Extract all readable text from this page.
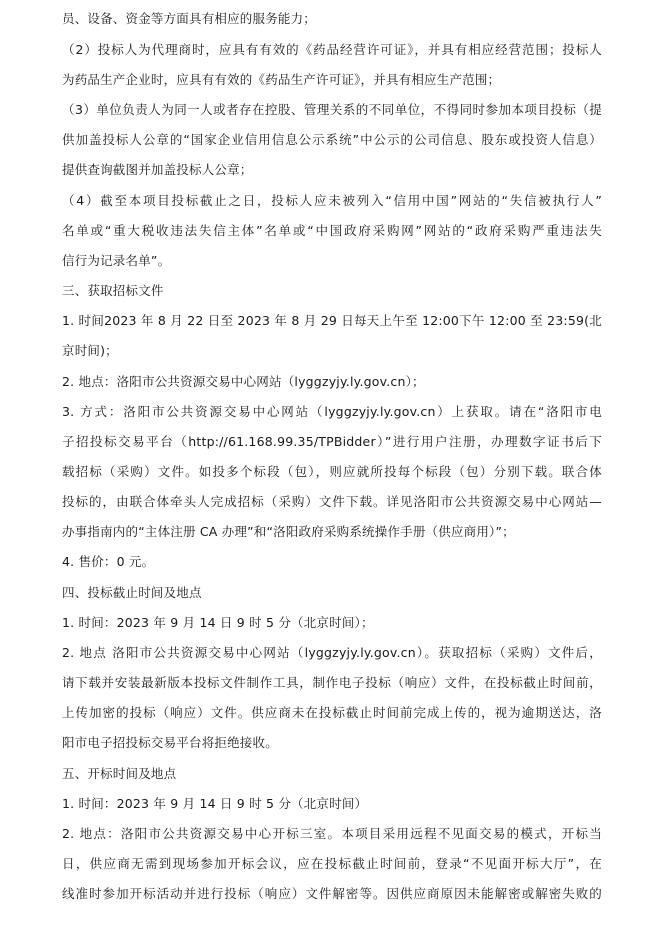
员、设备、资金等方面具有相应的服务能力；
（2）投标人为代理商时，应具有有效的《药品经营许可证》，并具有相应经营范围；投标人
为药品生产企业时，应具有有效的《药品生产许可证》，并具有相应生产范围；
（3）单位负责人为同一人或者存在控股、管理关系的不同单位，不得同时参加本项目投标（提
供加盖投标人公章的“国家企业信用信息公示系统”中公示的公司信息、股东或投资人信息）
提供查询截图并加盖投标人公章；
（4）截至本项目投标截止之日，投标人应未被列入“信用中国”网站的“失信被执行人”
名单或“重大税收违法失信主体”名单或“中国政府采购网”网站的“政府采购严重违法失
信行为记录名单”。
三、获取招标文件
1. 时间2023 年 8 月 22 日至 2023 年 8 月 29 日每天上午至 12:00下午 12:00 至 23:59(北
京时间)；
2. 地点：洛阳市公共资源交易中心网站（lyggzyjy.ly.gov.cn）；
3. 方式：洛阳市公共资源交易中心网站（lyggzyjy.ly.gov.cn）上获取。请在“洛阳市电
子招投标交易平台（http://61.168.99.35/TPBidder）”进行用户注册，办理数字证书后下
载招标（采购）文件。如投多个标段（包），则应就所投每个标段（包）分别下载。联合体
投标的，由联合体牵头人完成招标（采购）文件下载。详见洛阳市公共资源交易中心网站—
办事指南内的“主体注册 CA 办理”和“洛阳政府采购系统操作手册（供应商用）”；
4. 售价：0 元。
四、投标截止时间及地点
1. 时间：2023 年 9 月 14 日 9 时 5 分（北京时间）；
2. 地点 洛阳市公共资源交易中心网站（lyggzyjy.ly.gov.cn）。获取招标（采购）文件后，
请下载并安装最新版本投标文件制作工具，制作电子投标（响应）文件，在投标截止时间前，
上传加密的投标（响应）文件。供应商未在投标截止时间前完成上传的，视为逾期送达，洛
阳市电子招投标交易平台将拒绝接收。
五、开标时间及地点
1. 时间：2023 年 9 月 14 日 9 时 5 分（北京时间）
2. 地点：洛阳市公共资源交易中心开标三室。本项目采用远程不见面交易的模式，开标当
日，供应商无需到现场参加开标会议，应在投标截止时间前，登录“不见面开标大厅”，在
线准时参加开标活动并进行投标（响应）文件解密等。因供应商原因未能解密或解密失败的
